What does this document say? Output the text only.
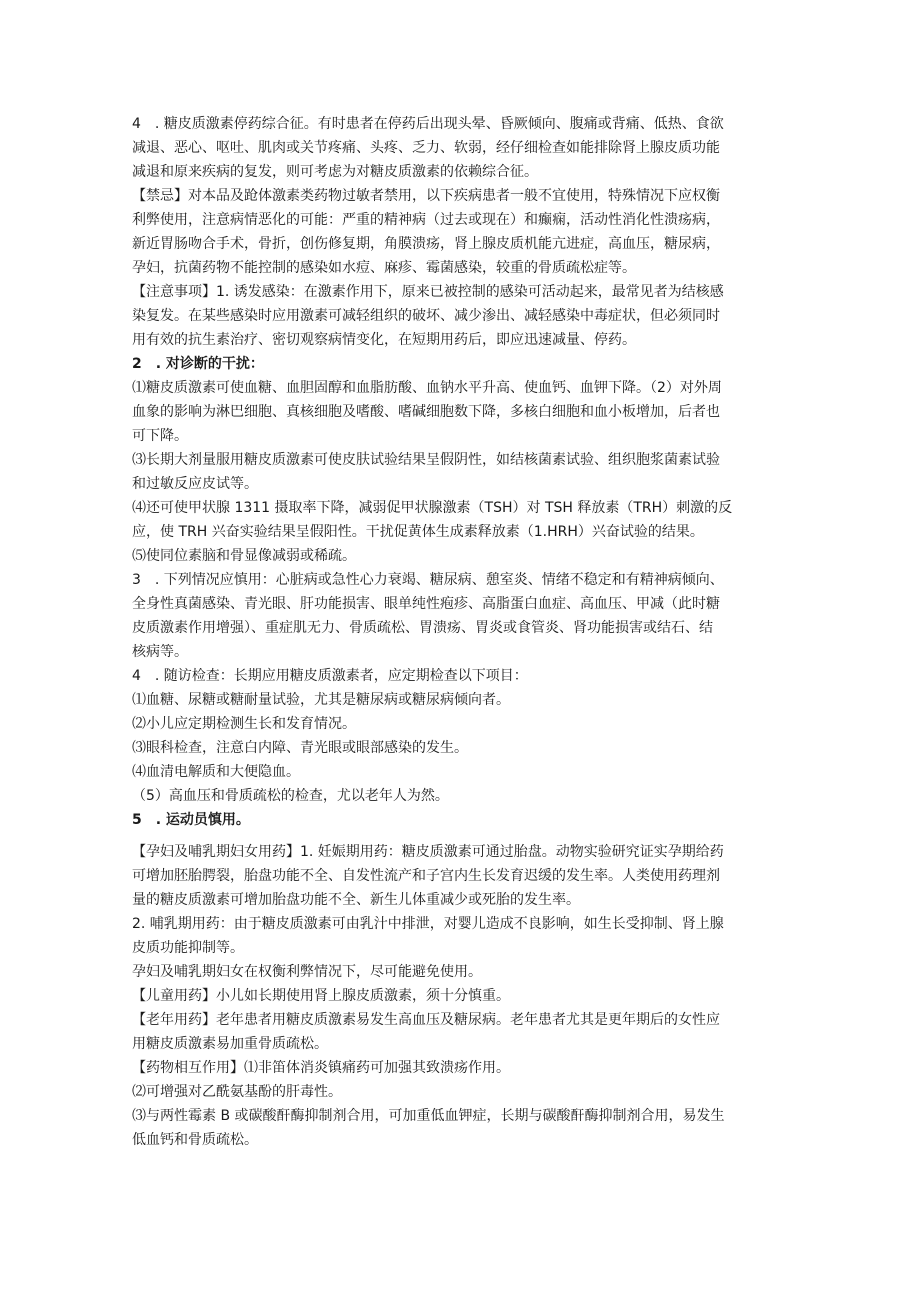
4　. 糖皮质激素停药综合征。有时患者在停药后出现头晕、昏厥倾向、腹痛或背痛、低热、食欲
减退、恶心、呕吐、肌肉或关节疼痛、头疼、乏力、软弱，经仔细检查如能排除肾上腺皮质功能
减退和原来疾病的复发，则可考虑为对糖皮质激素的依赖综合征。
【禁忌】对本品及跄体激素类药物过敏者禁用，以下疾病患者一般不宜使用，特殊情况下应权衡
利弊使用，注意病情恶化的可能：严重的精神病（过去或现在）和癫痫，活动性消化性溃疡病，
新近胃肠吻合手术，骨折，创伤修复期，角膜溃疡，肾上腺皮质机能亢进症，高血压，糖尿病，
孕妇，抗菌药物不能控制的感染如水痘、麻疹、霉菌感染，较重的骨质疏松症等。
【注意事项】1. 诱发感染：在激素作用下，原来已被控制的感染可活动起来，最常见者为结核感
染复发。在某些感染时应用激素可减轻组织的破坏、减少渗出、减轻感染中毒症状，但必须同时
用有效的抗生素治疗、密切观察病情变化，在短期用药后，即应迅速减量、停药。
2　. 对诊断的干扰：
⑴糖皮质激素可使血糖、血胆固醇和血脂肪酸、血钠水平升高、使血钙、血钾下降。（2）对外周
血象的影响为淋巴细胞、真核细胞及嗜酸、嗜碱细胞数下降，多核白细胞和血小板增加，后者也
可下降。
⑶长期大剂量服用糖皮质激素可使皮肤试验结果呈假阴性，如结核菌素试验、组织胞浆菌素试验
和过敏反应皮试等。
⑷还可使甲状腺 1311 摄取率下降，减弱促甲状腺激素（TSH）对 TSH 释放素（TRH）刺激的反
应，使 TRH 兴奋实验结果呈假阳性。干扰促黄体生成素释放素（1.HRH）兴奋试验的结果。
⑸使同位素脑和骨显像减弱或稀疏。
3　. 下列情况应慎用：心脏病或急性心力衰竭、糖尿病、憩室炎、情绪不稳定和有精神病倾向、
全身性真菌感染、青光眼、肝功能损害、眼单纯性疱疹、高脂蛋白血症、高血压、甲减（此时糖
皮质激素作用增强）、重症肌无力、骨质疏松、胃溃疡、胃炎或食管炎、肾功能损害或结石、结
核病等。
4　. 随访检查：长期应用糖皮质激素者，应定期检查以下项目：
⑴血糖、尿糖或糖耐量试验，尤其是糖尿病或糖尿病倾向者。
⑵小儿应定期检测生长和发育情况。
⑶眼科检查，注意白内障、青光眼或眼部感染的发生。
⑷血清电解质和大便隐血。
（5）高血压和骨质疏松的检查，尤以老年人为然。
5　. 运动员慎用。
【孕妇及哺乳期妇女用药】1. 妊娠期用药：糖皮质激素可通过胎盘。动物实验研究证实孕期给药
可增加胚胎腭裂，胎盘功能不全、自发性流产和子宫内生长发育迟缓的发生率。人类使用药理剂
量的糖皮质激素可增加胎盘功能不全、新生儿体重减少或死胎的发生率。
2. 哺乳期用药：由于糖皮质激素可由乳汁中排泄，对婴儿造成不良影响，如生长受抑制、肾上腺
皮质功能抑制等。
孕妇及哺乳期妇女在权衡利弊情况下，尽可能避免使用。
【儿童用药】小儿如长期使用肾上腺皮质激素，须十分慎重。
【老年用药】老年患者用糖皮质激素易发生高血压及糖尿病。老年患者尤其是更年期后的女性应
用糖皮质激素易加重骨质疏松。
【药物相互作用】⑴非笛体消炎镇痛药可加强其致溃疡作用。
⑵可增强对乙酰氨基酚的肝毒性。
⑶与两性霉素 B 或碳酸酐酶抑制剂合用，可加重低血钾症，长期与碳酸酐酶抑制剂合用，易发生
低血钙和骨质疏松。
